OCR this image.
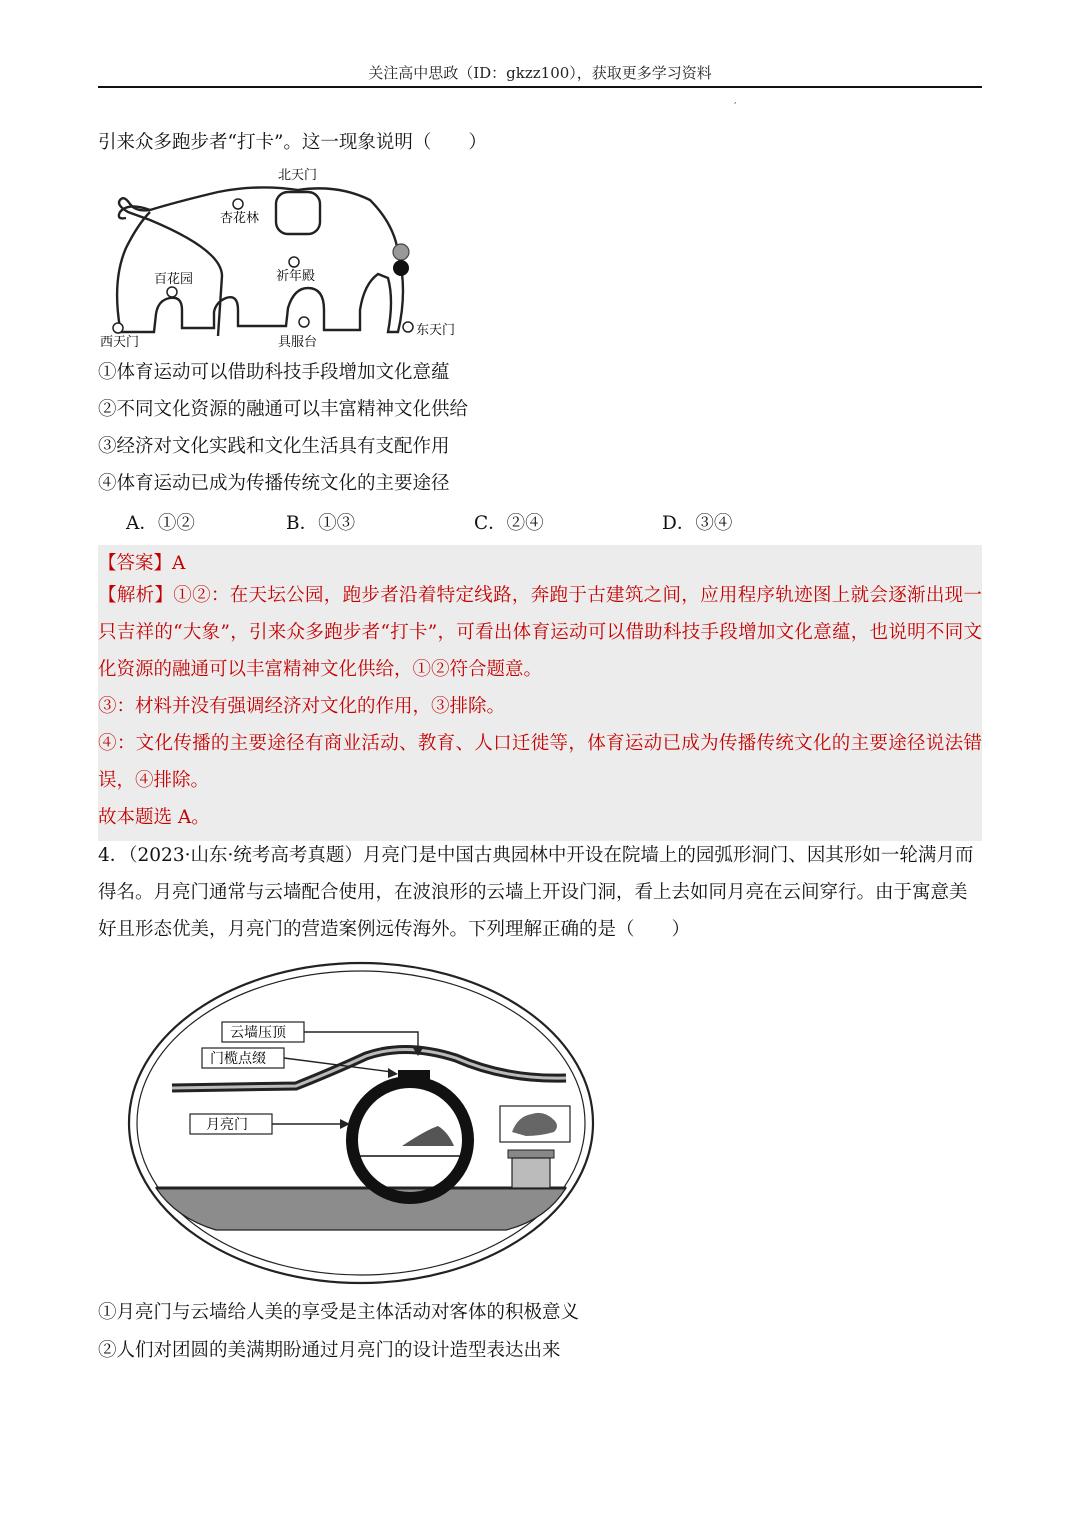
关注高中思政（ID：gkzz100），获取更多学习资料
,
引来众多跑步者“打卡”。这一现象说明（　　）
北天门
杏花林
百花园	祈年殿
西天门	具服台
东天门
①体育运动可以借助科技手段增加文化意蕴
②不同文化资源的融通可以丰富精神文化供给
③经济对文化实践和文化生活具有支配作用
④体育运动已成为传播传统文化的主要途径
A．①②	B．①③	C．②④	D．③④
【答案】A
【解析】①②：在天坛公园，跑步者沿着特定线路，奔跑于古建筑之间，应用程序轨迹图上就会逐渐出现一只吉祥的“大象”，引来众多跑步者“打卡”，可看出体育运动可以借助科技手段增加文化意蕴，也说明不同文化资源的融通可以丰富精神文化供给，①②符合题意。
③：材料并没有强调经济对文化的作用，③排除。
④：文化传播的主要途径有商业活动、教育、人口迁徙等，体育运动已成为传播传统文化的主要途径说法错误，④排除。
故本题选 A。
4．（2023·山东·统考高考真题）月亮门是中国古典园林中开设在院墙上的园弧形洞门、因其形如一轮满月而得名。月亮门通常与云墙配合使用，在波浪形的云墙上开设门洞，看上去如同月亮在云间穿行。由于寓意美好且形态优美，月亮门的营造案例远传海外。下列理解正确的是（　　）
云墙压顶
门榄点缀
月亮门
①月亮门与云墙给人美的享受是主体活动对客体的积极意义
②人们对团圆的美满期盼通过月亮门的设计造型表达出来
